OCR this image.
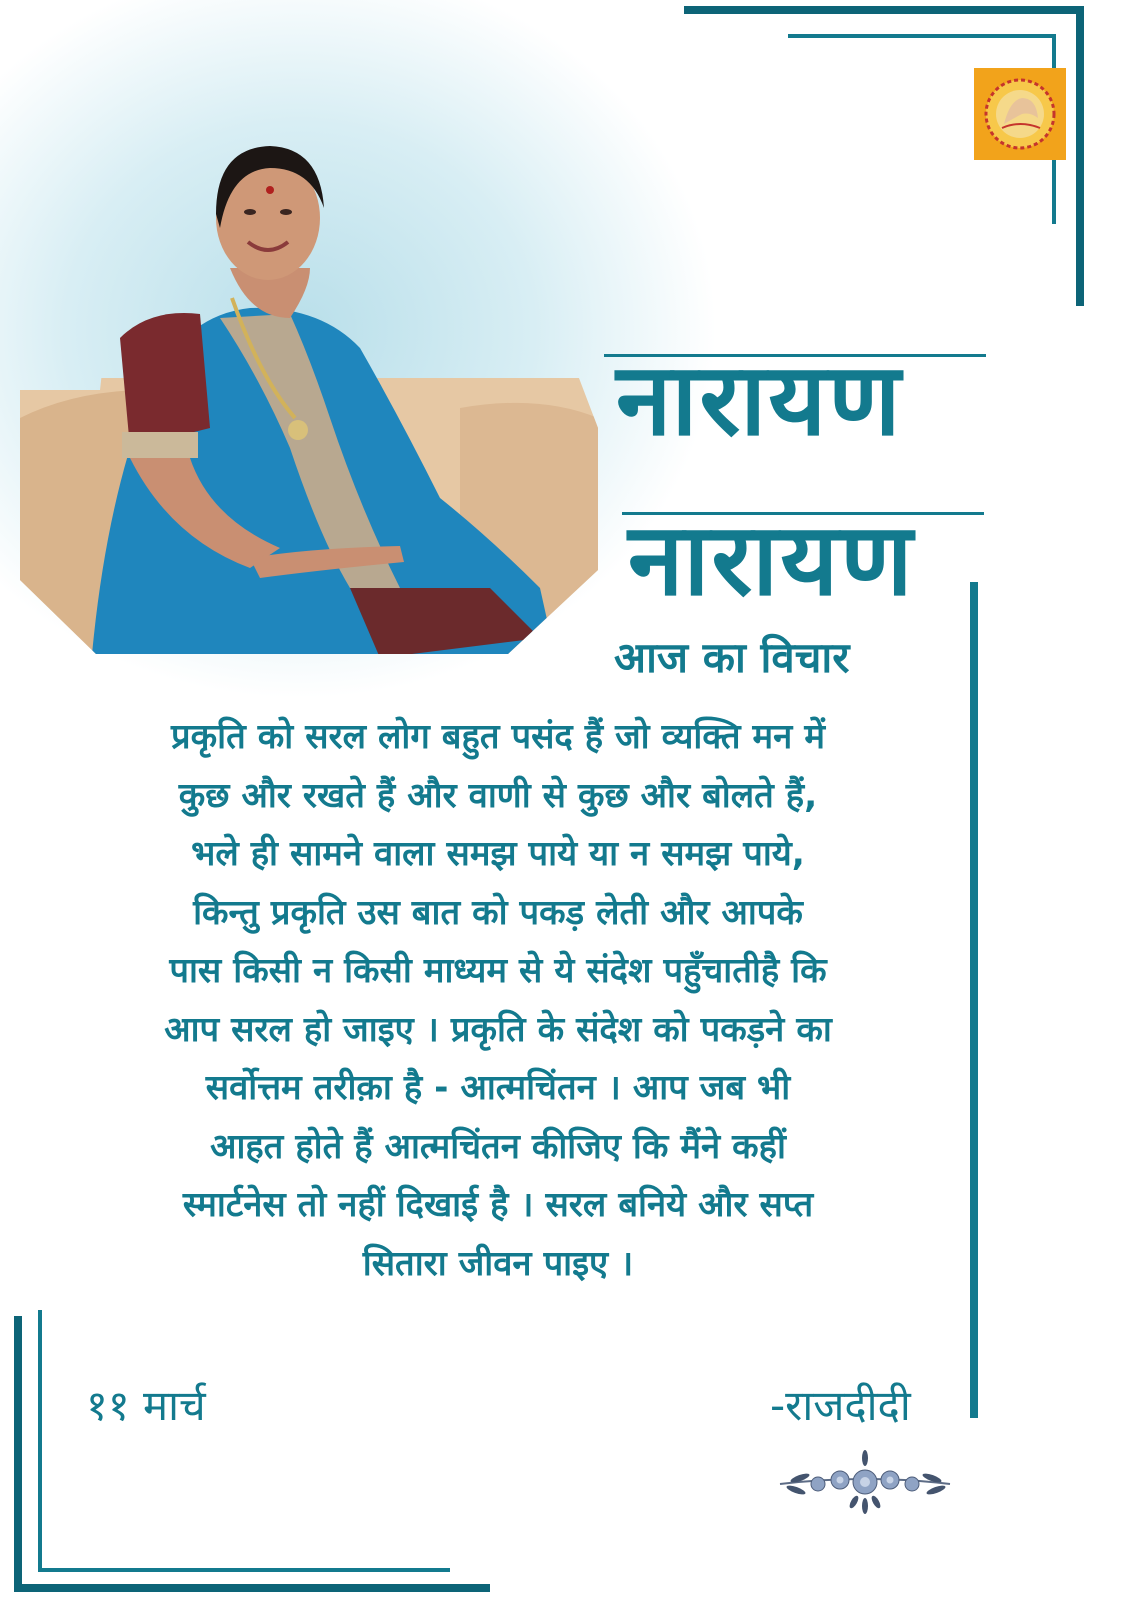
नारायण
नारायण
आज का विचार
प्रकृति को सरल लोग बहुत पसंद हैं जो व्यक्ति मन में
कुछ और रखते हैं और वाणी से कुछ और बोलते हैं,
भले ही सामने वाला समझ पाये या न समझ पाये,
किन्तु प्रकृति उस बात को पकड़ लेती और आपके
पास किसी न किसी माध्यम से ये संदेश पहुँचातीहै कि
आप सरल हो जाइए । प्रकृति के संदेश को पकड़ने का
सर्वोत्तम तरीक़ा है - आत्मचिंतन । आप जब भी
आहत होते हैं आत्मचिंतन कीजिए कि मैंने कहीं
स्मार्टनेस तो नहीं दिखाई है । सरल बनिये और सप्त
सितारा जीवन पाइए ।
११ मार्च	-राजदीदी
